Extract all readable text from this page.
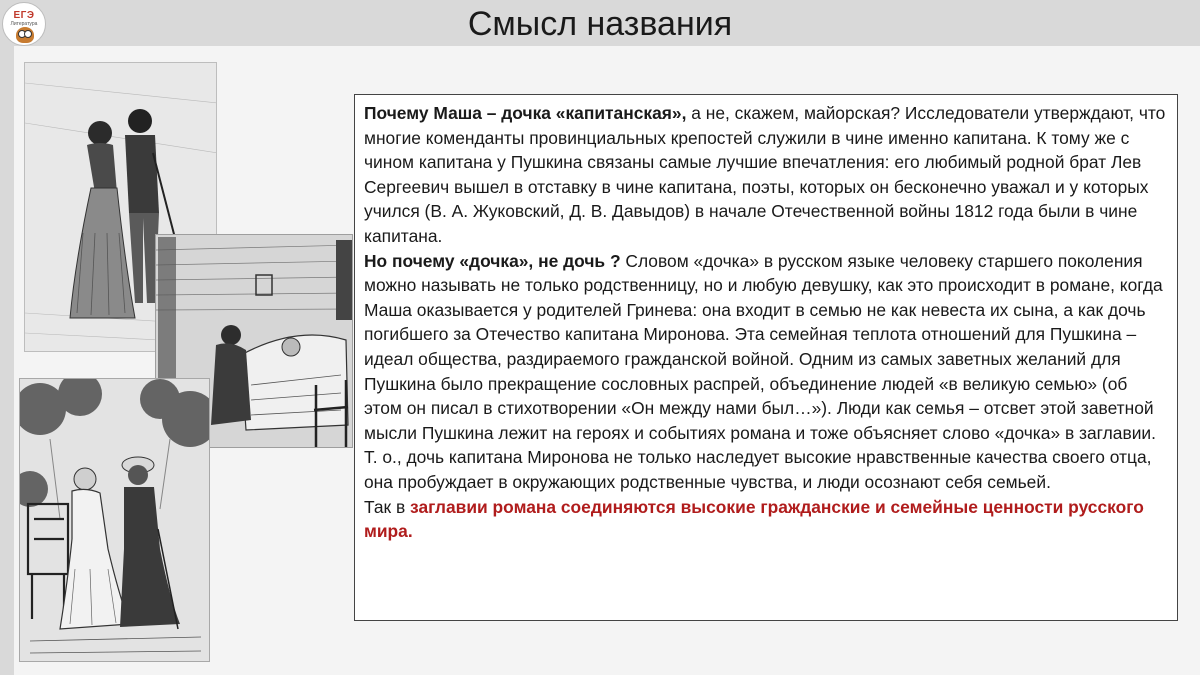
ЕГЭ
Литература	Смысл названия

Почему Маша – дочка «капитанская», а не, скажем, майорская? Исследователи утверждают, что многие коменданты провинциальных крепостей служили в чине именно капитана. К тому же с чином капитана у Пушкина связаны самые лучшие впечатления: его любимый родной брат Лев Сергеевич вышел в отставку в чине капитана, поэты, которых он бесконечно уважал и у которых учился (В. А. Жуковский, Д. В. Давыдов) в начале Отечественной войны 1812 года были в чине капитана.

Но почему «дочка», не дочь ? Словом «дочка» в русском языке человеку старшего поколения можно называть не только родственницу, но и любую девушку, как это происходит в романе, когда Маша оказывается у родителей Гринева: она входит в семью не как невеста их сына, а как дочь погибшего за Отечество капитана Миронова. Эта семейная теплота отношений для Пушкина – идеал общества, раздираемого гражданской войной. Одним из самых заветных желаний для Пушкина было прекращение сословных распрей, объединение людей «в великую семью» (об этом он писал в стихотворении «Он между нами был…»). Люди как семья – отсвет этой заветной мысли Пушкина лежит на героях и событиях романа и тоже объясняет слово «дочка» в заглавии.

Т. о., дочь капитана Миронова не только наследует высокие нравственные качества своего отца, она пробуждает в окружающих родственные чувства, и люди осознают себя семьей.

Так в заглавии романа соединяются высокие гражданские и семейные ценности русского мира.
